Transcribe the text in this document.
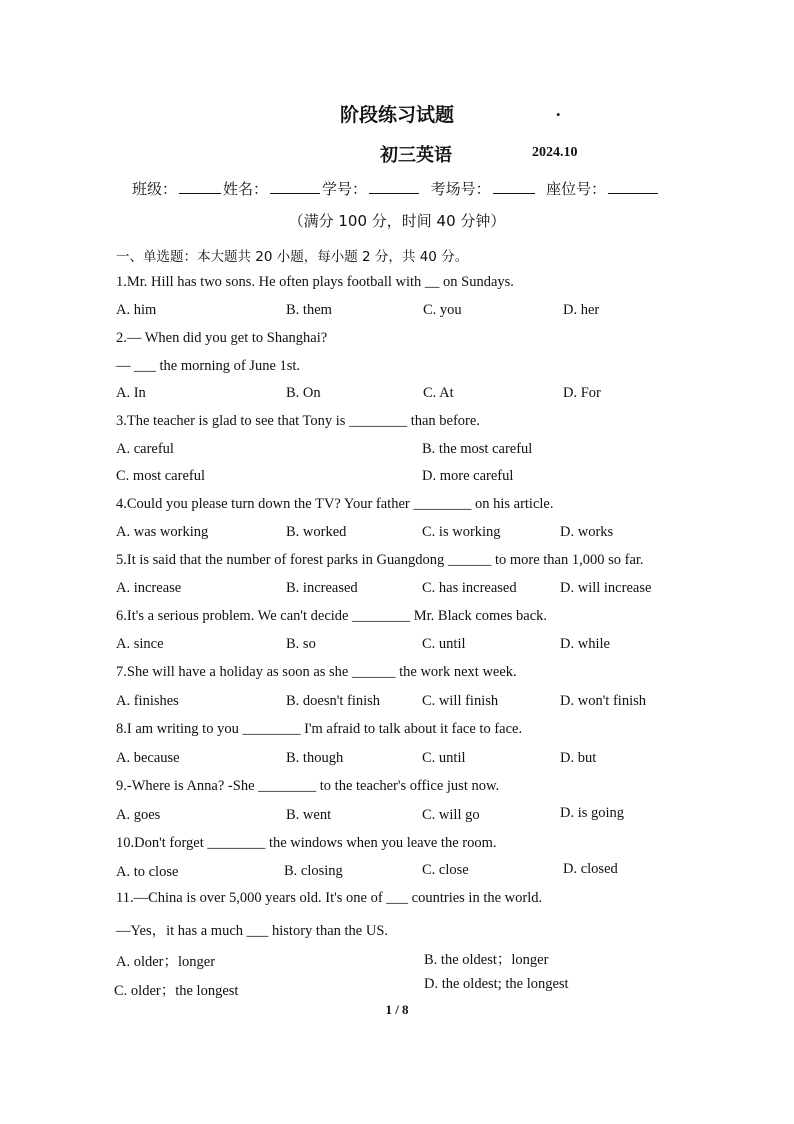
阶段练习试题	.
初三英语	2024.10
班级：	姓名：	学号：	考场号：	座位号：
（满分 100 分，时间 40 分钟）
一、单选题：本大题共 20 小题，每小题 2 分，共 40 分。
1.Mr. Hill has two sons. He often plays football with __ on Sundays.
A. him	B. them	C. you	D. her
2.— When did you get to Shanghai?
— ___ the morning of June 1st.
A. In	B. On	C. At	D. For
3.The teacher is glad to see that Tony is ________ than before.
A. careful	B. the most careful
C. most careful	D. more careful
4.Could you please turn down the TV? Your father ________ on his article.
A. was working	B. worked	C. is working	D. works
5.It is said that the number of forest parks in Guangdong ______ to more than 1,000 so far.
A. increase	B. increased	C. has increased	D. will increase
6.It's a serious problem. We can't decide ________ Mr. Black comes back.
A. since	B. so	C. until	D. while
7.She will have a holiday as soon as she ______ the work next week.
A. finishes	B. doesn't finish	C. will finish	D. won't finish
8.I am writing to you ________ I'm afraid to talk about it face to face.
A. because	B. though	C. until	D. but
9.-Where is Anna? -She ________ to the teacher's office just now.
A. goes	B. went	C. will go	D. is going
10.Don't forget ________ the windows when you leave the room.
A. to close	B. closing	C. close	D. closed
11.—China is over 5,000 years old. It's one of ___ countries in the world.
—Yes，it has a much ___ history than the US.
A. older；longer	B. the oldest；longer
C. older；the longest	D. the oldest; the longest
1 / 8
